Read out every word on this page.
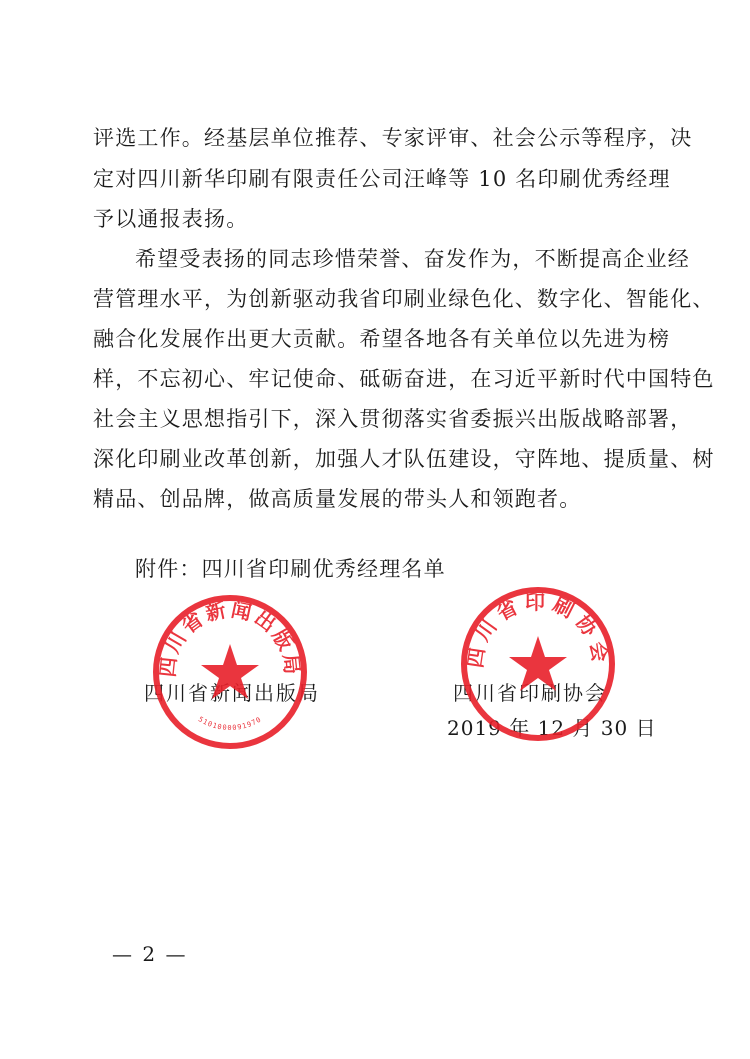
评选工作。经基层单位推荐、专家评审、社会公示等程序，决
定对四川新华印刷有限责任公司汪峰等 10 名印刷优秀经理
予以通报表扬。
希望受表扬的同志珍惜荣誉、奋发作为，不断提高企业经
营管理水平，为创新驱动我省印刷业绿色化、数字化、智能化、
融合化发展作出更大贡献。希望各地各有关单位以先进为榜
样，不忘初心、牢记使命、砥砺奋进，在习近平新时代中国特色
社会主义思想指引下，深入贯彻落实省委振兴出版战略部署，
深化印刷业改革创新，加强人才队伍建设，守阵地、提质量、树
精品、创品牌，做高质量发展的带头人和领跑者。
附件：四川省印刷优秀经理名单
四川省新闻出版局	四川省印刷协会
2019 年 12 月 30 日
四川省新闻出版局
5101000091970
四川省印刷协会
— 2 —
